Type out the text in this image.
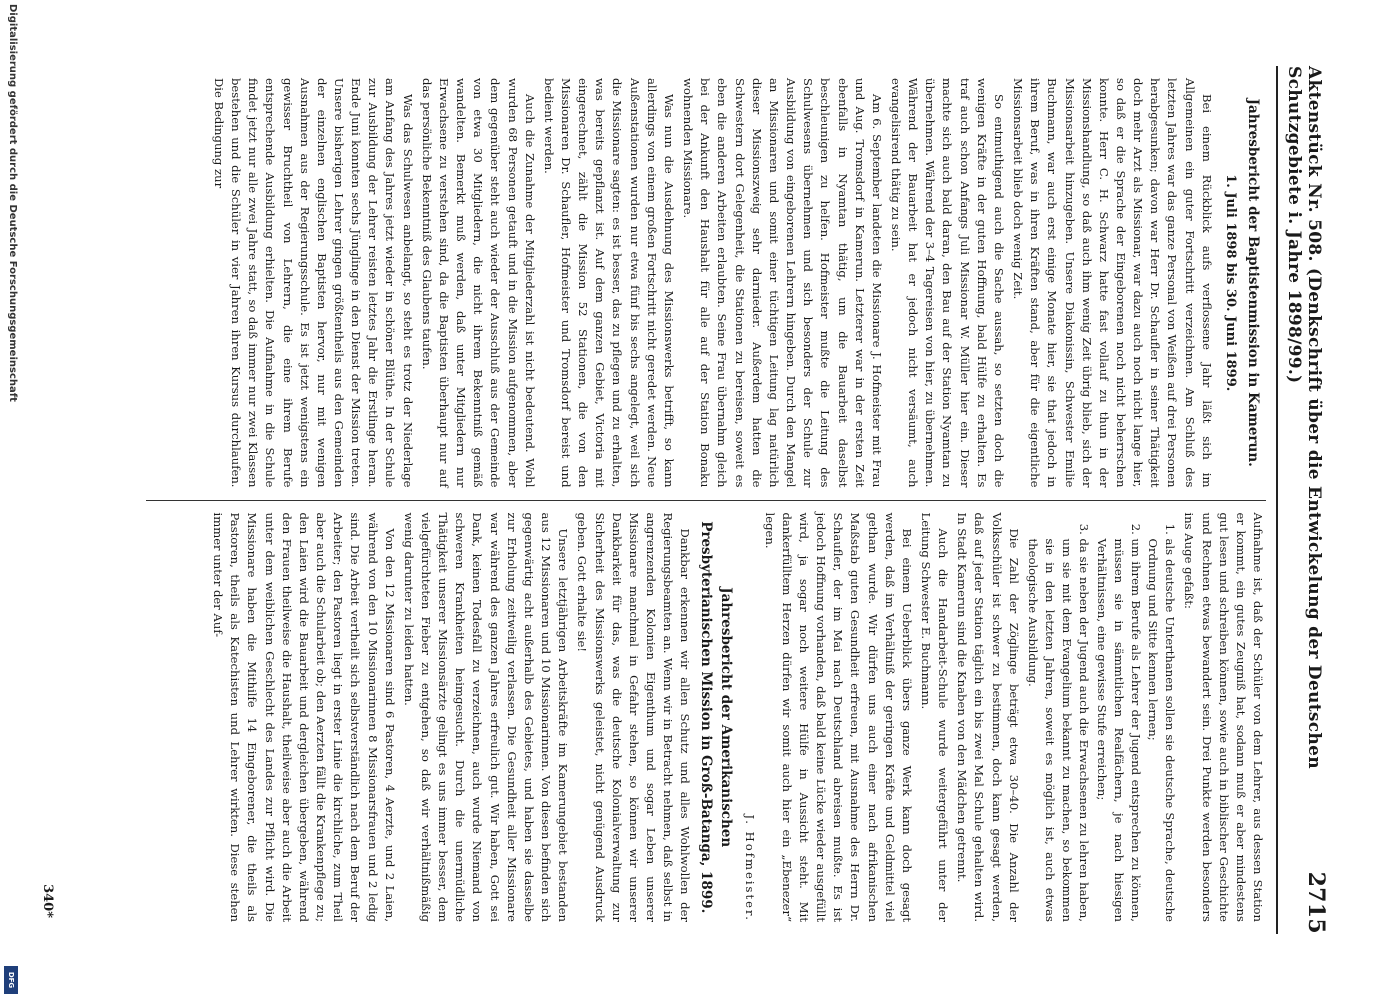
Digitalisierung gefördert durch die Deutsche Forschungsgemeinschaft
DFG
Aktenstück Nr. 508. (Denkschrift über die Entwickelung der Deutschen Schutzgebiete i. Jahre 1898/99.)
2715
Jahresbericht der Baptistenmission in Kamerun.
1. Juli 1898 bis 30. Juni 1899.

Bei einem Rückblick aufs verflossene Jahr läßt sich im Allgemeinen ein guter Fortschritt verzeichnen. Am Schluß des letzten Jahres war das ganze Personal von Weißen auf drei Personen herabgesunken; davon war Herr Dr. Schaufler in seiner Thätigkeit doch mehr Arzt als Missionar, war dazu auch noch nicht lange hier, so daß er die Sprache der Eingeborenen noch nicht beherrschen konnte. Herr C. H. Schwarz hatte fast vollauf zu thun in der Missionshandlung, so daß auch ihm wenig Zeit übrig blieb, sich der Missionsarbeit hinzugeben. Unsere Diakonissin, Schwester Emilie Buchmann, war auch erst einige Monate hier, sie that jedoch in ihrem Beruf, was in ihren Kräften stand, aber für die eigentliche Missionsarbeit blieb doch wenig Zeit.

So entmuthigend auch die Sache aussah, so setzten doch die wenigen Kräfte in der guten Hoffnung, bald Hülfe zu erhalten. Es traf auch schon Anfangs Juli Missionar W. Müller hier ein. Dieser machte sich auch bald daran, den Bau auf der Station Nyamtan zu übernehmen. Während der 3–4 Tagereisen von hier, zu übernehmen. Während der Bauarbeit hat er jedoch nicht versäumt, auch evangelisirend thätig zu sein.

Am 6. September landeten die Missionare J. Hofmeister mit Frau und Aug. Tromsdorf in Kamerun. Letzterer war in der ersten Zeit ebenfalls in Nyamtan thätig, um die Bauarbeit daselbst beschleunigen zu helfen. Hofmeister mußte die Leitung des Schulwesens übernehmen und sich besonders der Schule zur Ausbildung von eingeborenen Lehrern hingeben. Durch den Mangel an Missionaren und somit einer tüchtigen Leitung lag natürlich dieser Missionszweig sehr darnieder. Außerdem hatten die Schwestern dort Gelegenheit, die Stationen zu bereisen, soweit es eben die anderen Arbeiten erlaubten. Seine Frau übernahm gleich bei der Ankunft den Haushalt für alle auf der Station Bonaku wohnenden Missionare.

Was nun die Ausdehnung des Missionswerks betrifft, so kann allerdings von einem großen Fortschritt nicht geredet werden. Neue Außenstationen wurden nur etwa fünf bis sechs angelegt, weil sich die Missionare sagten: es ist besser, das zu pflegen und zu erhalten, was bereits gepflanzt ist. Auf dem ganzen Gebiet, Victoria mit eingerechnet, zählt die Mission 52 Stationen, die von den Missionaren Dr. Schaufler, Hofmeister und Tromsdorf bereist und bedient werden.

Auch die Zunahme der Mitgliederzahl ist nicht bedeutend. Wohl wurden 68 Personen getauft und in die Mission aufgenommen, aber dem gegenüber steht auch wieder der Ausschluß aus der Gemeinde von etwa 30 Mitgliedern, die nicht ihrem Bekenntniß gemäß wandelten. Bemerkt muß werden, daß unter Mitgliedern nur Erwachsene zu verstehen sind, da die Baptisten überhaupt nur auf das persönliche Bekenntniß des Glaubens taufen.

Was das Schulwesen anbelangt, so steht es trotz der Niederlage am Anfang des Jahres jetzt wieder in schöner Blüthe. In der Schule zur Ausbildung der Lehrer reisten letztes Jahr die Erstlinge heran. Ende Juni konnten sechs Jünglinge in den Dienst der Mission treten. Unsere bisherigen Lehrer gingen größtentheils aus den Gemeinden der einzelnen englischen Baptisten hervor, nur mit wenigen Ausnahmen aus der Regierungsschule. Es ist jetzt wenigstens ein gewisser Bruchtheil von Lehrern, die eine ihrem Berufe entsprechende Ausbildung erhielten. Die Aufnahme in die Schule findet jetzt nur alle zwei Jahre statt, so daß immer nur zwei Klassen bestehen und die Schüler in vier Jahren ihren Kursus durchlaufen. Die Bedingung zur

Aufnahme ist, daß der Schüler von dem Lehrer, aus dessen Station er kommt, ein gutes Zeugniß hat, sodann muß er aber mindestens gut lesen und schreiben können, sowie auch in biblischer Geschichte und Rechnen etwas bewandert sein. Drei Punkte werden besonders ins Auge gefaßt:

1. als deutsche Unterthanen sollen sie deutsche Sprache, deutsche Ordnung und Sitte kennen lernen;
2. um ihrem Berufe als Lehrer der Jugend entsprechen zu können, müssen sie in sämmtlichen Realfächern, je nach hiesigen Verhältnissen, eine gewisse Stufe erreichen;
3. da sie neben der Jugend auch die Erwachsenen zu lehren haben, um sie mit dem Evangelium bekannt zu machen, so bekommen sie in den letzten Jahren, soweit es möglich ist, auch etwas theologische Ausbildung.

Die Zahl der Zöglinge beträgt etwa 30–40. Die Anzahl der Volksschüler ist schwer zu bestimmen, doch kann gesagt werden, daß auf jeder Station täglich ein bis zwei Mal Schule gehalten wird. In Stadt Kamerun sind die Knaben von den Mädchen getrennt.

Auch die Handarbeit-Schule wurde weitergeführt unter der Leitung Schwester E. Buchmann.

Bei einem Ueberblick übers ganze Werk kann doch gesagt werden, daß im Verhältniß der geringen Kräfte und Geldmittel viel gethan wurde. Wir dürfen uns auch einer nach afrikanischen Maßstab guten Gesundheit erfreuen, mit Ausnahme des Herrn Dr. Schaufler, der im Mai nach Deutschland abreisen mußte. Es ist jedoch Hoffnung vorhanden, daß bald keine Lücke wieder ausgefüllt wird, ja sogar noch weitere Hülfe in Aussicht steht. Mit dankerfülltem Herzen dürfen wir somit auch hier ein „Ebenezer“ legen.

J. Hofmeister.
Jahresbericht der Amerikanischen Presbyterianischen Mission in Groß-Batanga, 1899.

Dankbar erkennen wir allen Schutz und alles Wohlwollen der Regierungsbeamten an. Wenn wir in Betracht nehmen, daß selbst in angrenzenden Kolonien Eigenthum und sogar Leben unserer Missionare manchmal in Gefahr stehen, so können wir unserer Dankbarkeit für das, was die deutsche Kolonialverwaltung zur Sicherheit des Missionswerks geleistet, nicht genügend Ausdruck geben. Gott erhalte sie!

Unsere letztjährigen Arbeitskräfte im Kamerungebiet bestanden aus 12 Missionaren und 10 Missionarinnen. Von diesen befinden sich gegenwärtig acht außerhalb des Gebietes, und haben sie dasselbe zur Erholung zeitweilig verlassen. Die Gesundheit aller Missionare war während des ganzen Jahres erfreulich gut. Wir haben, Gott sei Dank, keinen Todesfall zu verzeichnen, auch wurde Niemand von schweren Krankheiten heimgesucht. Durch die unermüdliche Thätigkeit unserer Missionsärzte gelingt es uns immer besser, dem vielgefürchteten Fieber zu entgehen, so daß wir verhältnißmäßig wenig darunter zu leiden hatten.

Von den 12 Missionaren sind 6 Pastoren, 4 Aerzte, und 2 Laien, während von den 10 Missionarinnen 8 Missionarsfrauen und 2 ledig sind. Die Arbeit vertheilt sich selbstverständlich nach dem Beruf der Arbeiter; den Pastoren liegt in erster Linie die kirchliche, zum Theil aber auch die Schularbeit ob; den Aerzten fällt die Krankenpflege zu; den Laien wird die Bauarbeit und dergleichen übergeben, während den Frauen theilweise die Haushalt, theilweise aber auch die Arbeit unter dem weiblichen Geschlecht des Landes zur Pflicht wird. Die Missionare haben die Mithilfe 14 Eingeborener, die theils als Pastoren, theils als Katechisten und Lehrer wirkten. Diese stehen immer unter der Auf-

340*
